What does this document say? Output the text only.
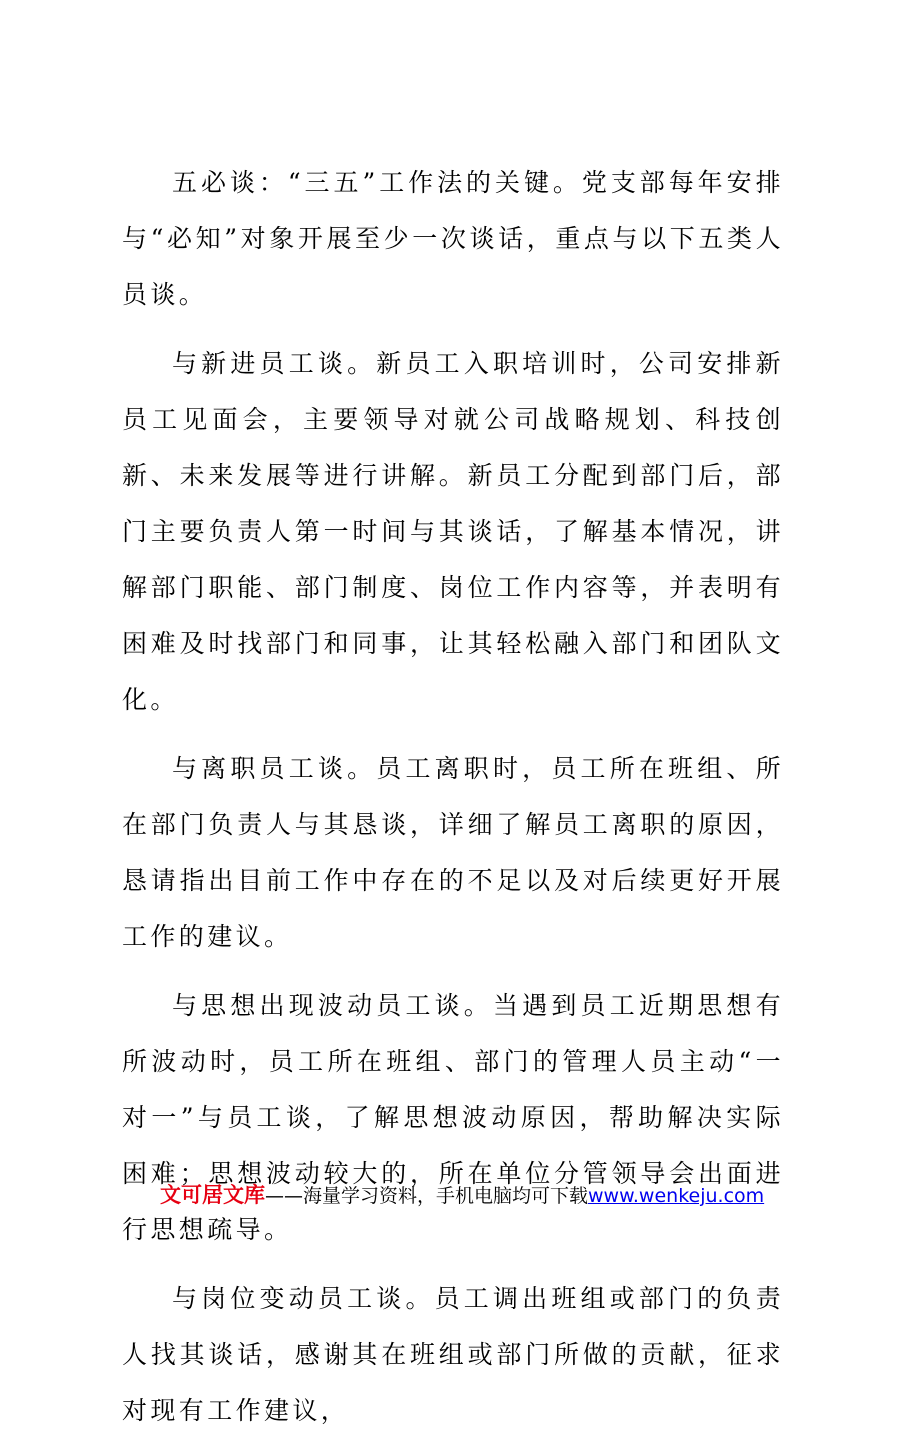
五必谈：“三五”工作法的关键。党支部每年安排与“必知”对象开展至少一次谈话，重点与以下五类人员谈。

与新进员工谈。新员工入职培训时，公司安排新员工见面会，主要领导对就公司战略规划、科技创新、未来发展等进行讲解。新员工分配到部门后，部门主要负责人第一时间与其谈话，了解基本情况，讲解部门职能、部门制度、岗位工作内容等，并表明有困难及时找部门和同事，让其轻松融入部门和团队文化。

与离职员工谈。员工离职时，员工所在班组、所在部门负责人与其恳谈，详细了解员工离职的原因，恳请指出目前工作中存在的不足以及对后续更好开展工作的建议。

与思想出现波动员工谈。当遇到员工近期思想有所波动时，员工所在班组、部门的管理人员主动“一对一”与员工谈，了解思想波动原因，帮助解决实际困难；思想波动较大的，所在单位分管领导会出面进行思想疏导。

与岗位变动员工谈。员工调出班组或部门的负责人找其谈话，感谢其在班组或部门所做的贡献，征求对现有工作建议，

文可居文库——海量学习资料，手机电脑均可下载www.wenkeju.com
